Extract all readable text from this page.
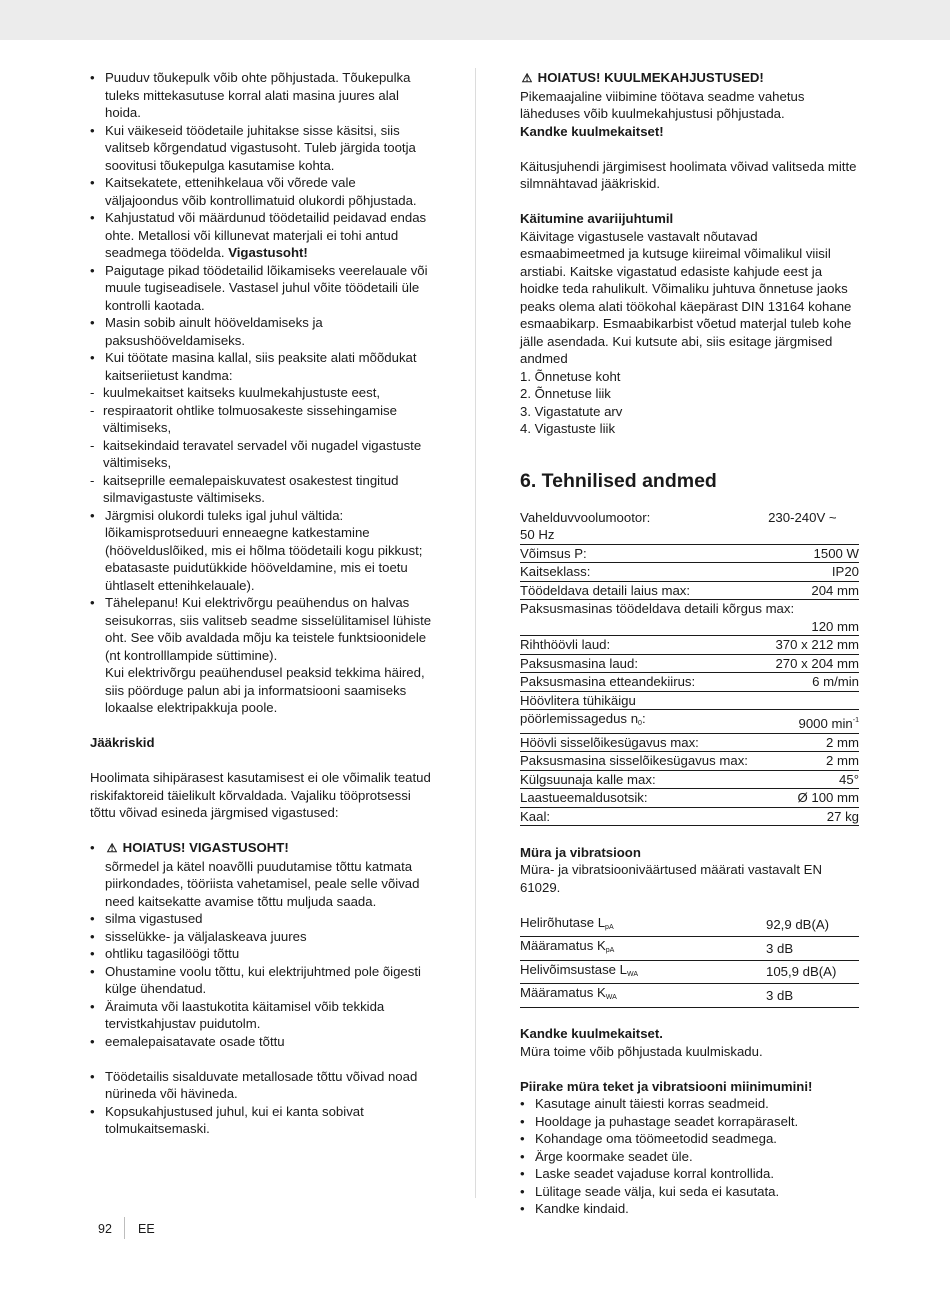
• Puuduv tõukepulk võib ohte põhjustada. Tõukepulka tuleks mittekasutuse korral alati masina juures alal hoida.
• Kui väikeseid töödetaile juhitakse sisse käsitsi, siis valitseb kõrgendatud vigastusoht. Tuleb järgida tootja soovitusi tõukepulga kasutamise kohta.
• Kaitsekatete, ettenihkelaua või võrede vale väljajoondus võib kontrollimatuid olukordi põhjustada.
• Kahjustatud või määrdunud töödetailid peidavad endas ohte. Metallosi või killunevat materjali ei tohi antud seadmega töödelda. Vigastusoht!
• Paigutage pikad töödetailid lõikamiseks veerelauale või muule tugiseadisele. Vastasel juhul võite töödetaili üle kontrolli kaotada.
• Masin sobib ainult hööveldamiseks ja paksushööveldamiseks.
• Kui töötate masina kallal, siis peaksite alati mõõdukat kaitseriietust kandma:
- kuulmekaitset kaitseks kuulmekahjustuste eest,
- respiraatorit ohtlike tolmuosakeste sissehingamise vältimiseks,
- kaitsekindaid teravatel servadel või nugadel vigastuste vältimiseks,
- kaitseprille eemalepaiskuvatest osakestest tingitud silmavigastuste vältimiseks.
• Järgmisi olukordi tuleks igal juhul vältida: lõikamisprotseduuri enneaegne katkestamine (höövelduslõiked, mis ei hõlma töödetaili kogu pikkust; ebatasaste puidutükkide hööveldamine, mis ei toetu ühtlaselt ettenihkelauale).

• Tähelepanu! Kui elektrivõrgu peaühendus on halvas seisukorras, siis valitseb seadme sisselülitamisel lühiste oht. See võib avaldada mõju ka teistele funktsioonidele (nt kontrolllampide süttimine).

Kui elektrivõrgu peaühendusel peaksid tekkima häired, siis pöörduge palun abi ja informatsiooni saamiseks lokaalse elektripakkuja poole.

Jääkriskid

Hoolimata sihipärasest kasutamisest ei ole võimalik teatud riskifaktoreid täielikult kõrvaldada. Vajaliku tööprotsessi tõttu võivad esineda järgmised vigastused:

• ⚠ HOIATUS! VIGASTUSOHT!
sõrmedel ja kätel noavõlli puudutamise tõttu katmata piirkondades, tööriista vahetamisel, peale selle võivad need kaitsekatte avamise tõttu muljuda saada.
• silma vigastused
• sisselükke- ja väljalaskeava juures
• ohtliku tagasilöögi tõttu
• Ohustamine voolu tõttu, kui elektrijuhtmed pole õigesti külge ühendatud.
• Äraimuta või laastukotita käitamisel võib tekkida tervistkahjustav puidutolm.
• eemalepaisatavate osade tõttu
• Töödetailis sisalduvate metallosade tõttu võivad noad nürineda või hävineda.
• Kopsukahjustused juhul, kui ei kanta sobivat tolmukaitsemaski.

⚠ HOIATUS! KUULMEKAHJUSTUSED!

Pikemaajaline viibimine töötava seadme vahetus läheduses võib kuulmekahjustusi põhjustada.

Kandke kuulmekaitset!

Käitusjuhendi järgimisest hoolimata võivad valitseda mitte silmnähtavad jääkriskid.

Käitumine avariijuhtumil

Käivitage vigastusele vastavalt nõutavad esmaabimeetmed ja kutsuge kiireimal võimalikul viisil arstiabi. Kaitske vigastatud edasiste kahjude eest ja hoidke teda rahulikult. Võimaliku juhtuva õnnetuse jaoks peaks olema alati töökohal käepärast DIN 13164 kohane esmaabikarp. Esmaabikarbist võetud materjal tuleb kohe jälle asendada. Kui kutsute abi, siis esitage järgmised andmed

1. Õnnetuse koht

2. Õnnetuse liik

3. Vigastatute arv

4. Vigastuste liik

6. Tehnilised andmed
Vahelduvvoolumootor:	230-240V ~
50 Hz	
Võimsus P:	1500 W
Kaitseklass:	IP20
Töödeldava detaili laius max:	204 mm
Paksusmasinas töödeldava detaili kõrgus max:	
	120 mm
Rihthöövli laud:	370 x 212 mm
Paksusmasina laud:	270 x 204 mm
Paksusmasina etteandekiirus:	6 m/min
Höövlitera tühikäigu	
pöörlemissagedus $n_0$:	9000 $\min^{-1}$
Höövli sisselõikesügavus max:	2 mm
Paksusmasina sisselõikesügavus max:	2 mm
Külgsuunaja kalle max:	45°
Laastueemaldusotsik:	Ø 100 mm
Kaal:	27 kg

Müra ja vibratsioon

Müra- ja vibratsiooniväärtused määrati vastavalt EN 61029.

Helirõhutase $L_{pA}$	92,9 dB(A)
Määramatus $K_{pA}$	3 dB
Helivõimsustase $L_{WA}$	105,9 dB(A)
Määramatus $K_{WA}$	3 dB

Kandke kuulmekaitset.

Müra toime võib põhjustada kuulmiskadu.

Piirake müra teket ja vibratsiooni miinimumini!

• Kasutage ainult täiesti korras seadmeid.
• Hooldage ja puhastage seadet korrapäraselt.
• Kohandage oma töömeetodid seadmega.
• Ärge koormake seadet üle.
• Laske seadet vajaduse korral kontrollida.
• Lülitage seade välja, kui seda ei kasutata.
• Kandke kindaid.
92	EE
